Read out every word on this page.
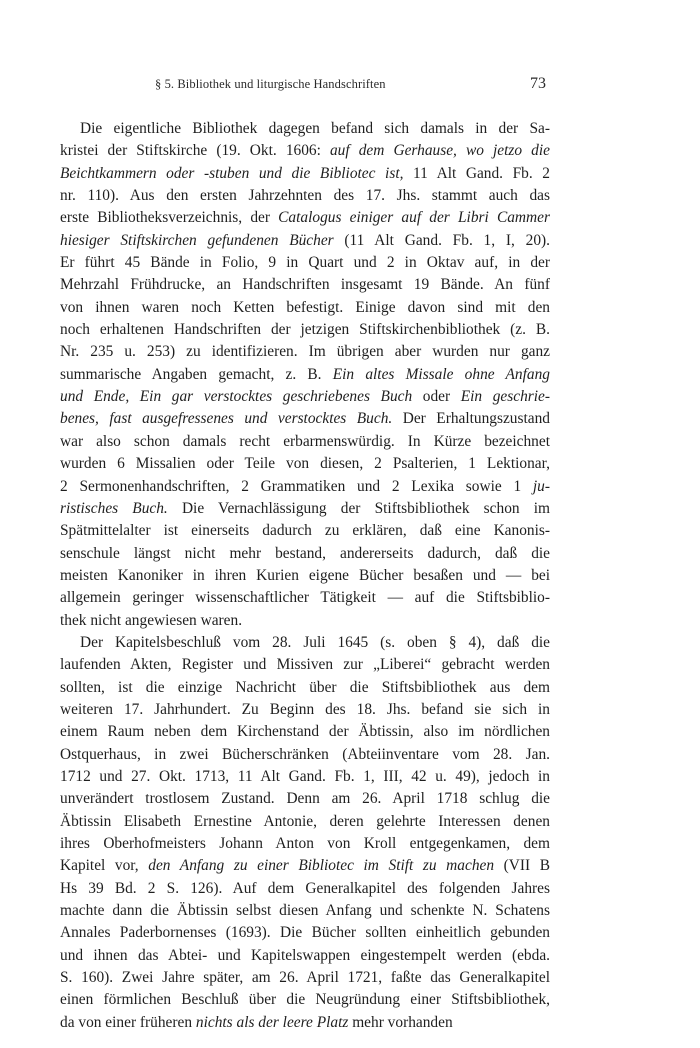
§ 5. Bibliothek und liturgische Handschriften	73
Die eigentliche Bibliothek dagegen befand sich damals in der Sa-
kristei der Stiftskirche (19. Okt. 1606: auf dem Gerhause, wo jetzo die
Beichtkammern oder -stuben und die Bibliotec ist, 11 Alt Gand. Fb. 2
nr. 110). Aus den ersten Jahrzehnten des 17. Jhs. stammt auch das
erste Bibliotheksverzeichnis, der Catalogus einiger auf der Libri Cammer
hiesiger Stiftskirchen gefundenen Bücher (11 Alt Gand. Fb. 1, I, 20).
Er führt 45 Bände in Folio, 9 in Quart und 2 in Oktav auf, in der
Mehrzahl Frühdrucke, an Handschriften insgesamt 19 Bände. An fünf
von ihnen waren noch Ketten befestigt. Einige davon sind mit den
noch erhaltenen Handschriften der jetzigen Stiftskirchenbibliothek (z. B.
Nr. 235 u. 253) zu identifizieren. Im übrigen aber wurden nur ganz
summarische Angaben gemacht, z. B. Ein altes Missale ohne Anfang
und Ende, Ein gar verstocktes geschriebenes Buch oder Ein geschrie-
benes, fast ausgefressenes und verstocktes Buch. Der Erhaltungszustand
war also schon damals recht erbarmenswürdig. In Kürze bezeichnet
wurden 6 Missalien oder Teile von diesen, 2 Psalterien, 1 Lektionar,
2 Sermonenhandschriften, 2 Grammatiken und 2 Lexika sowie 1 ju-
ristisches Buch. Die Vernachlässigung der Stiftsbibliothek schon im
Spätmittelalter ist einerseits dadurch zu erklären, daß eine Kanonis-
senschule längst nicht mehr bestand, andererseits dadurch, daß die
meisten Kanoniker in ihren Kurien eigene Bücher besaßen und — bei
allgemein geringer wissenschaftlicher Tätigkeit — auf die Stiftsbiblio-
thek nicht angewiesen waren.
Der Kapitelsbeschluß vom 28. Juli 1645 (s. oben § 4), daß die
laufenden Akten, Register und Missiven zur „Liberei“ gebracht werden
sollten, ist die einzige Nachricht über die Stiftsbibliothek aus dem
weiteren 17. Jahrhundert. Zu Beginn des 18. Jhs. befand sie sich in
einem Raum neben dem Kirchenstand der Äbtissin, also im nördlichen
Ostquerhaus, in zwei Bücherschränken (Abteiinventare vom 28. Jan.
1712 und 27. Okt. 1713, 11 Alt Gand. Fb. 1, III, 42 u. 49), jedoch in
unverändert trostlosem Zustand. Denn am 26. April 1718 schlug die
Äbtissin Elisabeth Ernestine Antonie, deren gelehrte Interessen denen
ihres Oberhofmeisters Johann Anton von Kroll entgegenkamen, dem
Kapitel vor, den Anfang zu einer Bibliotec im Stift zu machen (VII B
Hs 39 Bd. 2 S. 126). Auf dem Generalkapitel des folgenden Jahres
machte dann die Äbtissin selbst diesen Anfang und schenkte N. Schatens
Annales Paderbornenses (1693). Die Bücher sollten einheitlich gebunden
und ihnen das Abtei- und Kapitelswappen eingestempelt werden (ebda.
S. 160). Zwei Jahre später, am 26. April 1721, faßte das Generalkapitel
einen förmlichen Beschluß über die Neugründung einer Stiftsbibliothek,
da von einer früheren nichts als der leere Platz mehr vorhanden
